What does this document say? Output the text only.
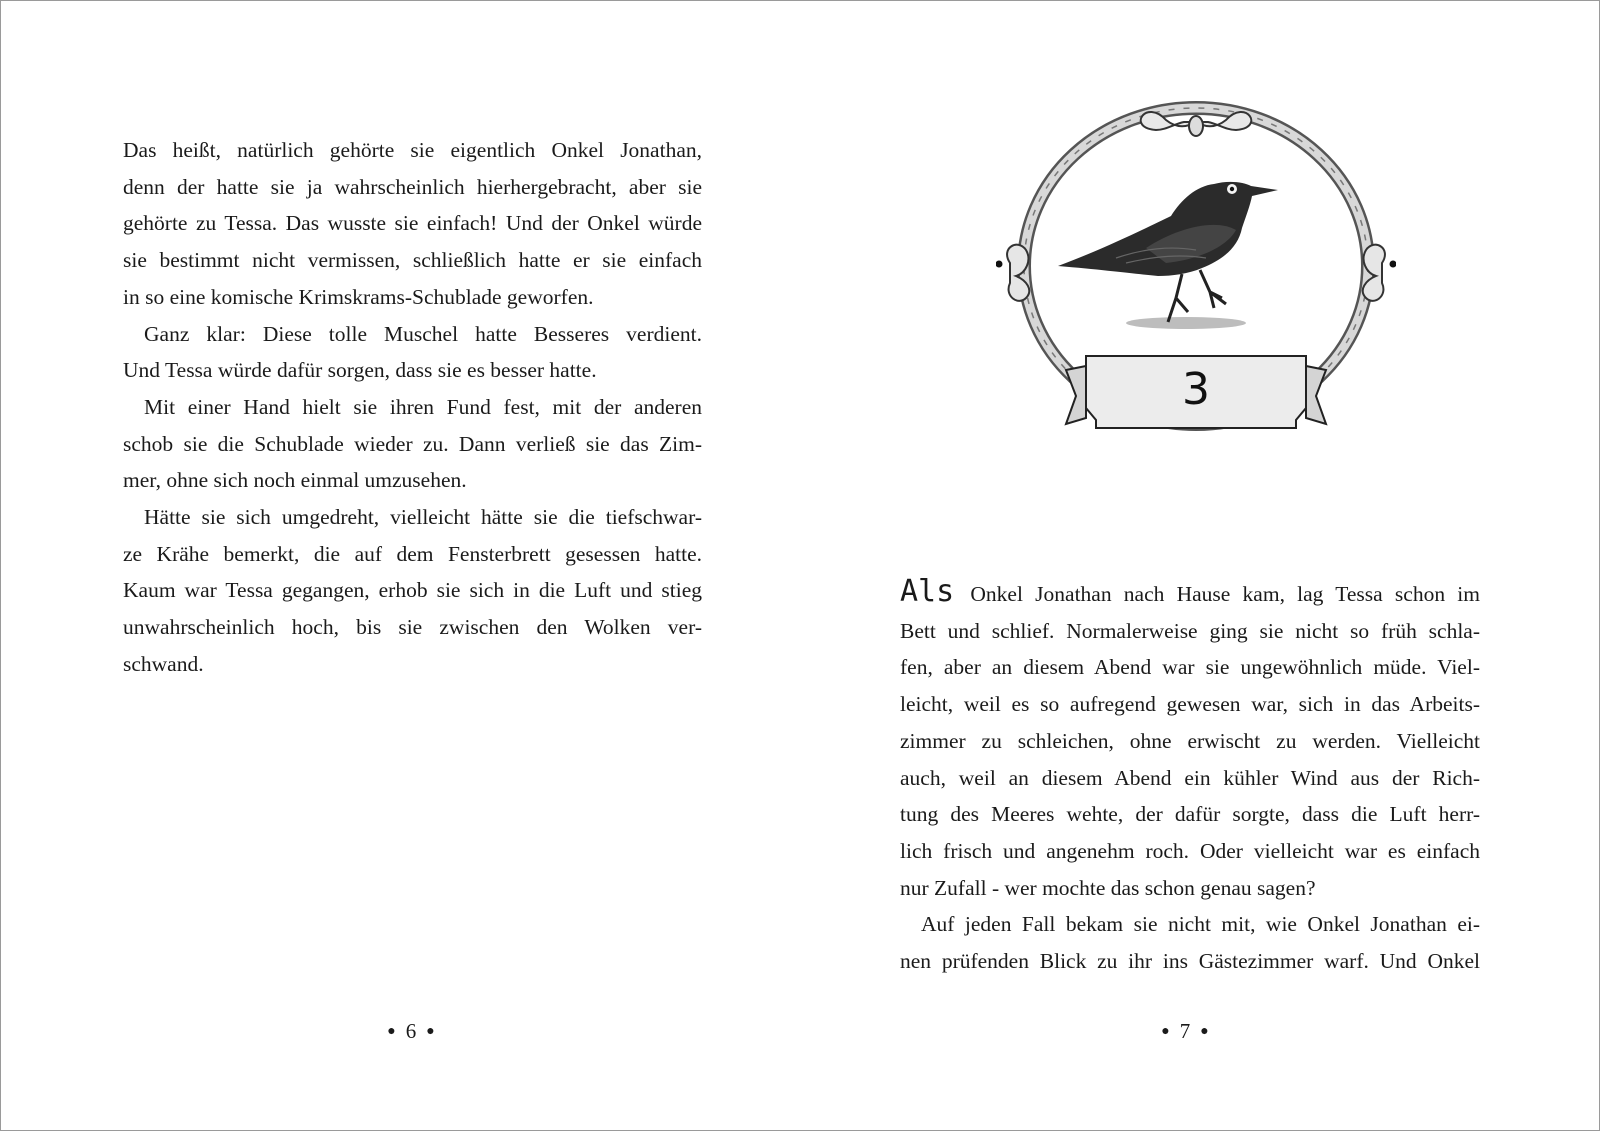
Das heißt, natürlich gehörte sie eigentlich Onkel Jonathan,
denn der hatte sie ja wahrscheinlich hierhergebracht, aber sie
gehörte zu Tessa. Das wusste sie einfach! Und der Onkel würde
sie bestimmt nicht vermissen, schließlich hatte er sie einfach
in so eine komische Krimskrams-Schublade geworfen.

Ganz klar: Diese tolle Muschel hatte Besseres verdient.
Und Tessa würde dafür sorgen, dass sie es besser hatte.

Mit einer Hand hielt sie ihren Fund fest, mit der anderen
schob sie die Schublade wieder zu. Dann verließ sie das Zim-
mer, ohne sich noch einmal umzusehen.

Hätte sie sich umgedreht, vielleicht hätte sie die tiefschwar-
ze Krähe bemerkt, die auf dem Fensterbrett gesessen hatte.
Kaum war Tessa gegangen, erhob sie sich in die Luft und stieg
unwahrscheinlich hoch, bis sie zwischen den Wolken ver-
schwand.

● 6 ●
3

Als Onkel Jonathan nach Hause kam, lag Tessa schon im
Bett und schlief. Normalerweise ging sie nicht so früh schla-
fen, aber an diesem Abend war sie ungewöhnlich müde. Viel-
leicht, weil es so aufregend gewesen war, sich in das Arbeits-
zimmer zu schleichen, ohne erwischt zu werden. Vielleicht
auch, weil an diesem Abend ein kühler Wind aus der Rich-
tung des Meeres wehte, der dafür sorgte, dass die Luft herr-
lich frisch und angenehm roch. Oder vielleicht war es einfach
nur Zufall - wer mochte das schon genau sagen?

Auf jeden Fall bekam sie nicht mit, wie Onkel Jonathan ei-
nen prüfenden Blick zu ihr ins Gästezimmer warf. Und Onkel

● 7 ●
